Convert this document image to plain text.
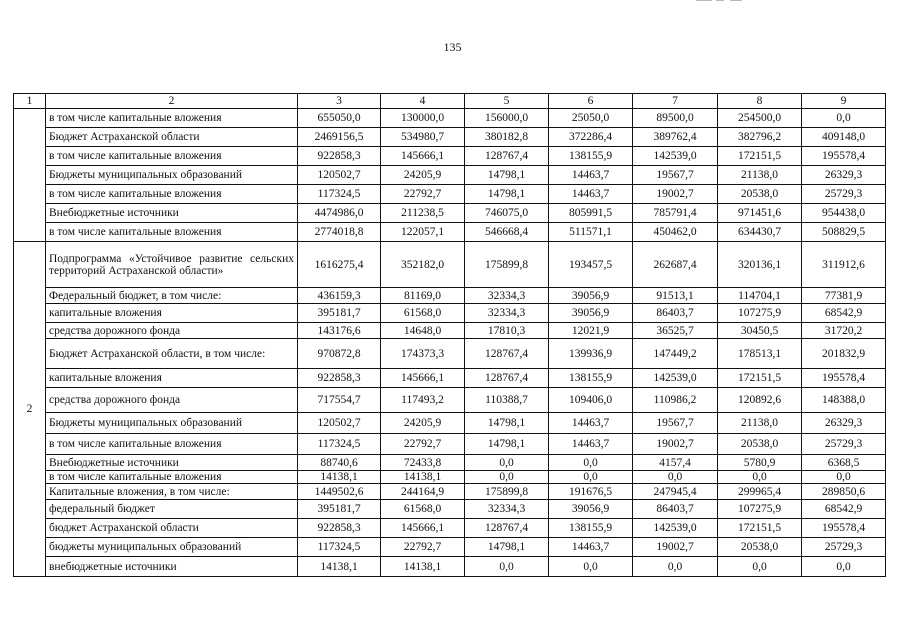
135
1	2	3	4	5	6	7	8	9
	в том числе капитальные вложения	655050,0	130000,0	156000,0	25050,0	89500,0	254500,0	0,0
	Бюджет Астраханской области	2469156,5	534980,7	380182,8	372286,4	389762,4	382796,2	409148,0
	в том числе капитальные вложения	922858,3	145666,1	128767,4	138155,9	142539,0	172151,5	195578,4
	Бюджеты муниципальных образований	120502,7	24205,9	14798,1	14463,7	19567,7	21138,0	26329,3
	в том числе капитальные вложения	117324,5	22792,7	14798,1	14463,7	19002,7	20538,0	25729,3
	Внебюджетные источники	4474986,0	211238,5	746075,0	805991,5	785791,4	971451,6	954438,0
	в том числе капитальные вложения	2774018,8	122057,1	546668,4	511571,1	450462,0	634430,7	508829,5
2	Подпрограмма «Устойчивое развитие сельских территорий Астраханской области»	1616275,4	352182,0	175899,8	193457,5	262687,4	320136,1	311912,6
	Федеральный бюджет, в том числе:	436159,3	81169,0	32334,3	39056,9	91513,1	114704,1	77381,9
	капитальные вложения	395181,7	61568,0	32334,3	39056,9	86403,7	107275,9	68542,9
	средства дорожного фонда	143176,6	14648,0	17810,3	12021,9	36525,7	30450,5	31720,2
	Бюджет Астраханской области, в том числе:	970872,8	174373,3	128767,4	139936,9	147449,2	178513,1	201832,9
	капитальные вложения	922858,3	145666,1	128767,4	138155,9	142539,0	172151,5	195578,4
	средства дорожного фонда	717554,7	117493,2	110388,7	109406,0	110986,2	120892,6	148388,0
	Бюджеты муниципальных образований	120502,7	24205,9	14798,1	14463,7	19567,7	21138,0	26329,3
	в том числе капитальные вложения	117324,5	22792,7	14798,1	14463,7	19002,7	20538,0	25729,3
	Внебюджетные источники	88740,6	72433,8	0,0	0,0	4157,4	5780,9	6368,5
	в том числе капитальные вложения	14138,1	14138,1	0,0	0,0	0,0	0,0	0,0
	Капитальные вложения, в том числе:	1449502,6	244164,9	175899,8	191676,5	247945,4	299965,4	289850,6
	федеральный бюджет	395181,7	61568,0	32334,3	39056,9	86403,7	107275,9	68542,9
	бюджет Астраханской области	922858,3	145666,1	128767,4	138155,9	142539,0	172151,5	195578,4
	бюджеты муниципальных образований	117324,5	22792,7	14798,1	14463,7	19002,7	20538,0	25729,3
	внебюджетные источники	14138,1	14138,1	0,0	0,0	0,0	0,0	0,0
